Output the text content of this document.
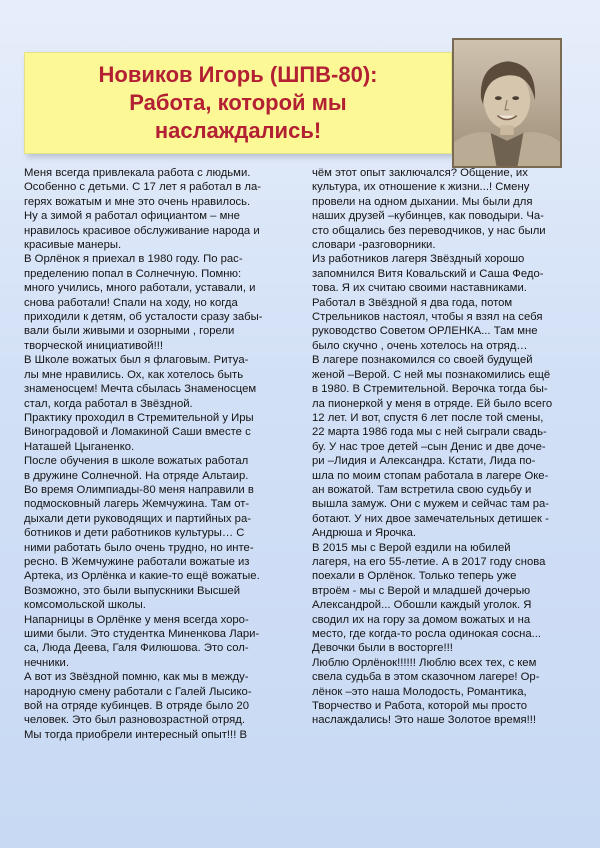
Новиков Игорь (ШПВ-80):
Работа, которой мы
наслаждались!

Меня всегда привлекала работа с людьми.

Особенно с детьми. С 17 лет я работал в ла-

герях вожатым и мне это очень нравилось.

Ну а зимой я работал официантом – мне

нравилось красивое обслуживание народа и

красивые манеры.

В Орлёнок я приехал в 1980 году. По рас-

пределению попал в Солнечную. Помню:

много учились, много работали, уставали, и

снова работали! Спали на ходу, но когда

приходили к детям, об усталости сразу забы-

вали были живыми и озорными , горели

творческой инициативой!!!

В Школе вожатых был я флаговым. Ритуа-

лы мне нравились. Ох, как хотелось быть

знаменосцем! Мечта сбылась Знаменосцем

стал, когда работал в Звёздной.

Практику проходил в Стремительной у Иры

Виноградовой и Ломакиной Саши вместе с

Наташей Цыганенко.

После обучения в школе вожатых работал

в дружине Солнечной. На отряде Альтаир.

Во время Олимпиады-80 меня направили в

подмосковный лагерь Жемчужина. Там от-

дыхали дети руководящих и партийных ра-

ботников и дети работников культуры… С

ними работать было очень трудно, но инте-

ресно. В Жемчужине работали вожатые из

Артека, из Орлёнка и какие-то ещё вожатые.

Возможно, это были выпускники Высшей

комсомольской школы.

Напарницы в Орлёнке у меня всегда хоро-

шими были. Это студентка Миненкова Лари-

са, Люда Деева, Галя Филюшова. Это сол-

нечники.

А вот из Звёздной помню, как мы в между-

народную смену работали с Галей Лысико-

вой на отряде кубинцев. В отряде было 20

человек. Это был разновозрастной отряд.

Мы тогда приобрели интересный опыт!!! В

чём этот опыт заключался? Общение, их

культура, их отношение к жизни...! Смену

провели на одном дыхании. Мы были для

наших друзей –кубинцев, как поводыри. Ча-

сто общались без переводчиков, у нас были

словари -разговорники.

Из работников лагеря Звёздный хорошо

запомнился Витя Ковальский и Саша Федо-

това. Я их считаю своими наставниками.

Работал в Звёздной я два года, потом

Стрельников настоял, чтобы я взял на себя

руководство Советом ОРЛЕНКА... Там мне

было скучно , очень хотелось на отряд…

В лагере познакомился со своей будущей

женой –Верой. С ней мы познакомились ещё

в 1980. В Стремительной. Верочка тогда бы-

ла пионеркой у меня в отряде. Ей было всего

12 лет. И вот, спустя 6 лет после той смены,

22 марта 1986 года мы с ней сыграли свадь-

бу. У нас трое детей –сын Денис и две доче-

ри –Лидия и Александра. Кстати, Лида по-

шла по моим стопам работала в лагере Оке-

ан вожатой. Там встретила свою судьбу и

вышла замуж. Они с мужем и сейчас там ра-

ботают. У них двое замечательных детишек -

Андрюша и Ярочка.

В 2015 мы с Верой ездили на юбилей

лагеря, на его 55-летие. А в 2017 году снова

поехали в Орлёнок. Только теперь уже

втроём - мы с Верой и младшей дочерью

Александрой... Обошли каждый уголок. Я

сводил их на гору за домом вожатых и на

место, где когда-то росла одинокая сосна...

Девочки были в восторге!!!

Люблю Орлёнок!!!!!! Люблю всех тех, с кем

свела судьба в этом сказочном лагере! Ор-

лёнок –это наша Молодость, Романтика,

Творчество и Работа, которой мы просто

наслаждались! Это наше Золотое время!!!
